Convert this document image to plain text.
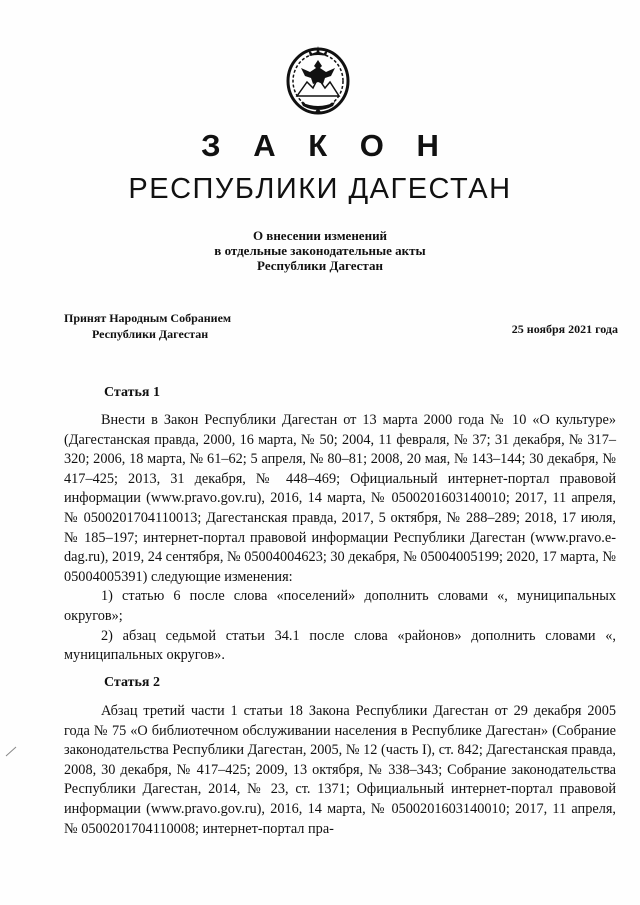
З А К О Н
РЕСПУБЛИКИ ДАГЕСТАН
О внесении изменений
в отдельные законодательные акты
Республики Дагестан
Принят Народным Собранием
Республики Дагестан	25 ноября 2021 года
Статья 1

Внести в Закон Республики Дагестан от 13 марта 2000 года № 10 «О культуре» (Дагестанская правда, 2000, 16 марта, № 50; 2004, 11 февраля, № 37; 31 декабря, № 317–320; 2006, 18 марта, № 61–62; 5 апреля, № 80–81; 2008, 20 мая, № 143–144; 30 декабря, № 417–425; 2013, 31 декабря, № 448–469; Официальный интернет-портал правовой информации (www.pravo.gov.ru), 2016, 14 марта, № 0500201603140010; 2017, 11 апреля, № 0500201704110013; Дагестанская правда, 2017, 5 октября, № 288–289; 2018, 17 июля, № 185–197; интернет-портал правовой информации Республики Дагестан (www.pravo.e-dag.ru), 2019, 24 сентября, № 05004004623; 30 декабря, № 05004005199; 2020, 17 марта, № 05004005391) следующие изменения:

1) статью 6 после слова «поселений» дополнить словами «, муниципальных округов»;

2) абзац седьмой статьи 34.1 после слова «районов» дополнить словами «, муниципальных округов».

Статья 2

Абзац третий части 1 статьи 18 Закона Республики Дагестан от 29 декабря 2005 года № 75 «О библиотечном обслуживании населения в Республике Дагестан» (Собрание законодательства Республики Дагестан, 2005, № 12 (часть I), ст. 842; Дагестанская правда, 2008, 30 декабря, № 417–425; 2009, 13 октября, № 338–343; Собрание законодательства Республики Дагестан, 2014, № 23, ст. 1371; Официальный интернет-портал правовой информации (www.pravo.gov.ru), 2016, 14 марта, № 0500201603140010; 2017, 11 апреля, № 0500201704110008; интернет-портал пра-
